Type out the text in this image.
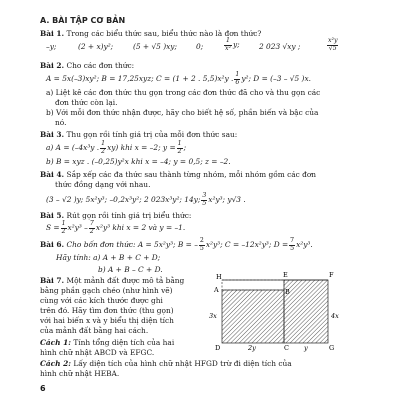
A. BÀI TẬP CƠ BẢN
Bài 1. Trong các biểu thức sau, biểu thức nào là đơn thức?
–y;	(2 + x)y²;	(5 + √5 )xy;	0;	$\frac{1}{\text{x²}} y$;	2 023 √xy ;	$\frac{\text{x²y}}{√5}$
Bài 2. Cho các đơn thức:
A = 5x(–3)xy²; B = 17,25xyz; C = (1 + 2 . 5,5)x²y . $\frac{1}{6} y^2$; D = (–3 – √5 )x.
a) Liệt kê các đơn thức thu gọn trong các đơn thức đã cho và thu gọn các
đơn thức còn lại.
b) Với mỗi đơn thức nhận được, hãy cho biết hệ số, phần biến và bậc của
nó.
Bài 3. Thu gọn rồi tính giá trị của mỗi đơn thức sau:
a) A = (–4x³y . $\frac{1}{2} xy$) khi x = –2; $y = \frac{1}{2}$ ;
b) B = xyz . (–0,25)y²x khi x = –4; y = 0,5; z = –2.
Bài 4. Sắp xếp các đa thức sau thành từng nhóm, mỗi nhóm gồm các đơn
thức đồng dạng với nhau.
(3 – √2 )y; 5x²y³; –0,2x³y²; 2 023x³y²; 14y; $\frac{3}{5} x^2y^3$; y√3 .
Bài 5. Rút gọn rồi tính giá trị biểu thức:
$S = \frac{1}{2} x^2y^3 - \frac{7}{2} x^2y^3$ khi x = 2 và y = –1.
Bài 6. Cho bốn đơn thức: A = 5x²y³; B = – $\frac{2}{5} x^2y^3$; C = –12x²y³; $D = \frac{7}{5} x^2y^3$.
Hãy tính: a) A + B + C + D;
b) A + B – C + D.
Bài 7. Một mảnh đất được mô tả bằng
bằng phần gạch chéo (như hình vẽ)
cùng với các kích thước được ghi
trên đó. Hãy tìm đơn thức (thu gọn)
với hai biến x và y biểu thị diện tích
của mảnh đất bằng hai cách.
Cách 1: Tính tổng diện tích của hai
hình chữ nhật ABCD và EFGC.
Cách 2: Lấy diện tích của hình chữ nhật HFGD trừ đi diện tích của
hình chữ nhật HEBA.
H	E	F
A	B
D	C	G
3x	4x
2y	y
6
